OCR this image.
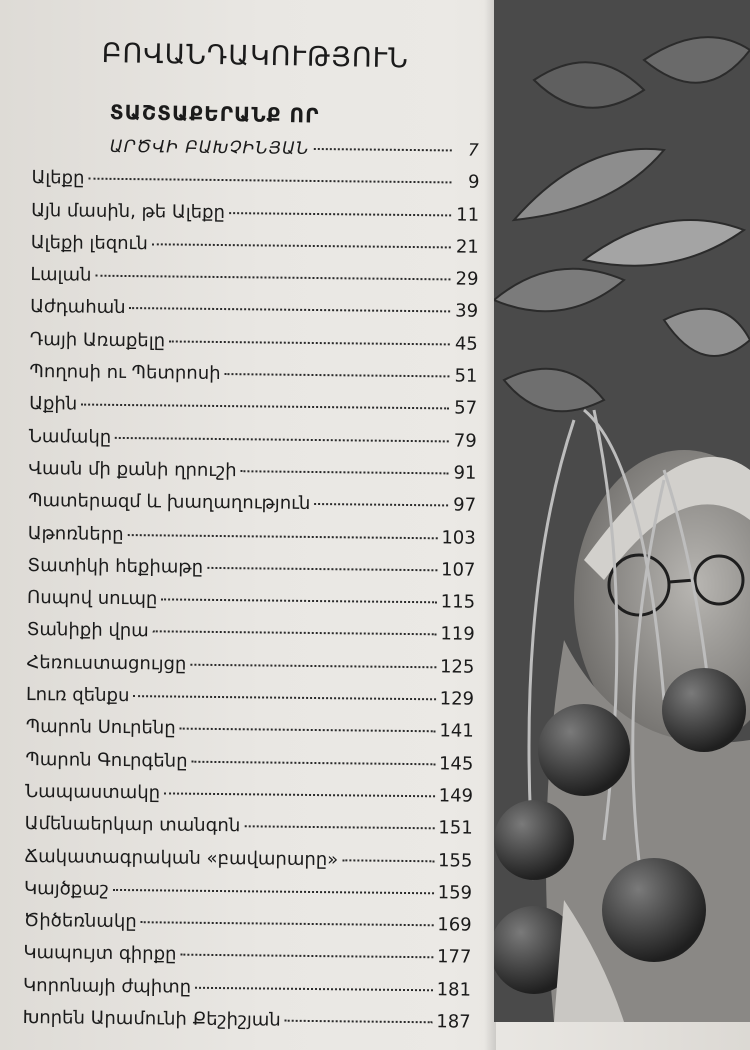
ԲՈՎԱՆԴԱԿՈՒԹՅՈՒՆ
ՏԱՇՏԱՔԵՐԱՆՔ ՈՐ
ԱՐԾՎԻ ԲԱԽՉԻՆՅԱՆ	7
Ալեքը	9
Այն մասին, թե Ալեքը	11
Ալեքի լեզուն	21
Լալան	29
Աժդահան	39
Դայի Առաքելը	45
Պողոսի ու Պետրոսի	51
Աքին	57
Նամակը	79
Վասն մի քանի ղրուշի	91
Պատերազմ և խաղաղություն	97
Աթոռները	103
Տատիկի հեքիաթը	107
Ոսպով սուպը	115
Տանիքի վրա	119
Հեռուստացույցը	125
Լուռ զենքս	129
Պարոն Սուրենը	141
Պարոն Գուրգենը	145
Նապաստակը	149
Ամենաերկար տանգոն	151
Ճակատագրական «բավարարը»	155
Կայծքաշ	159
Ծիծեռնակը	169
Կապույտ գիրքը	177
Կորոնայի ժպիտը	181
Խորեն Արամունի Քեշիշյան	187
